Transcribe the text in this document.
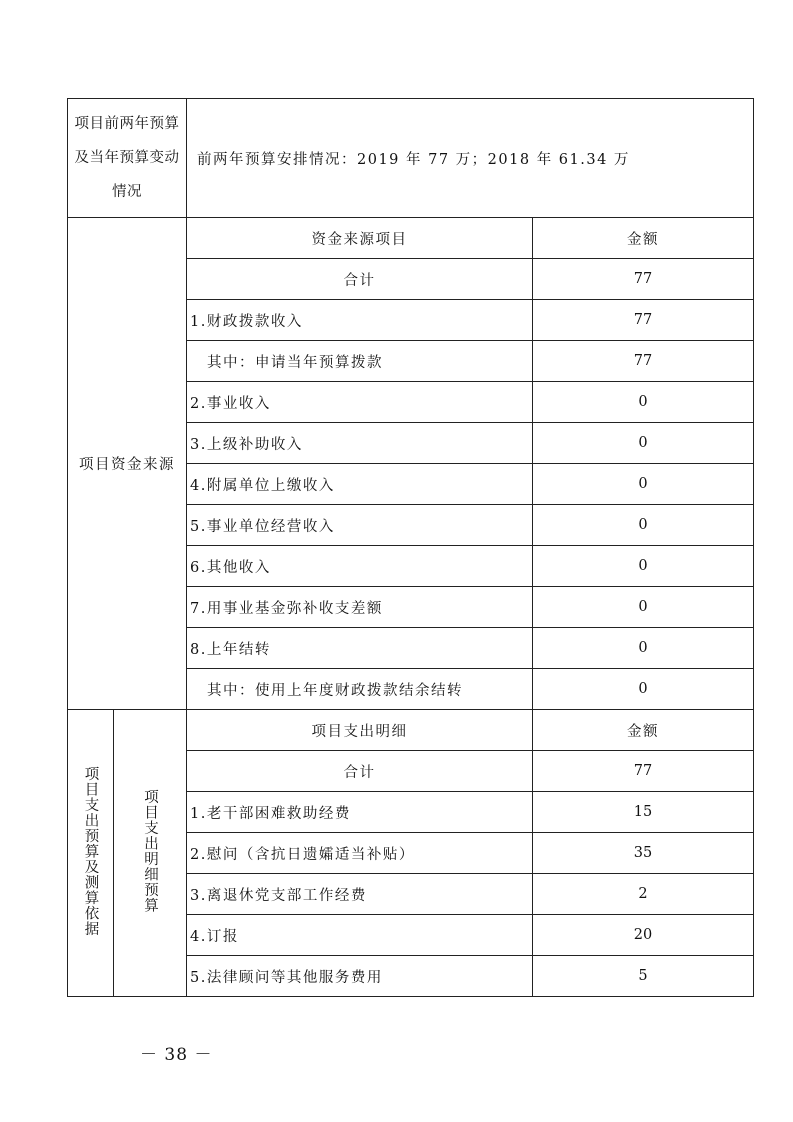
项目前两年预算
及当年预算变动
情况		前两年预算安排情况：2019 年 77 万；2018 年 61.34 万	
项目资金来源		资金来源项目	金额
		合计	77
		1.财政拨款收入	77
		其中：申请当年预算拨款	77
		2.事业收入	0
		3.上级补助收入	0
		4.附属单位上缴收入	0
		5.事业单位经营收入	0
		6.其他收入	0
		7.用事业基金弥补收支差额	0
		8.上年结转	0
		其中：使用上年度财政拨款结余结转	0
项目支出预算及测算依据	项目支出明细预算	项目支出明细	金额
		合计	77
		1.老干部困难救助经费	15
		2.慰问（含抗日遗孀适当补贴）	35
		3.离退休党支部工作经费	2
		4.订报	20
		5.法律顾问等其他服务费用	5
－ 38 －
